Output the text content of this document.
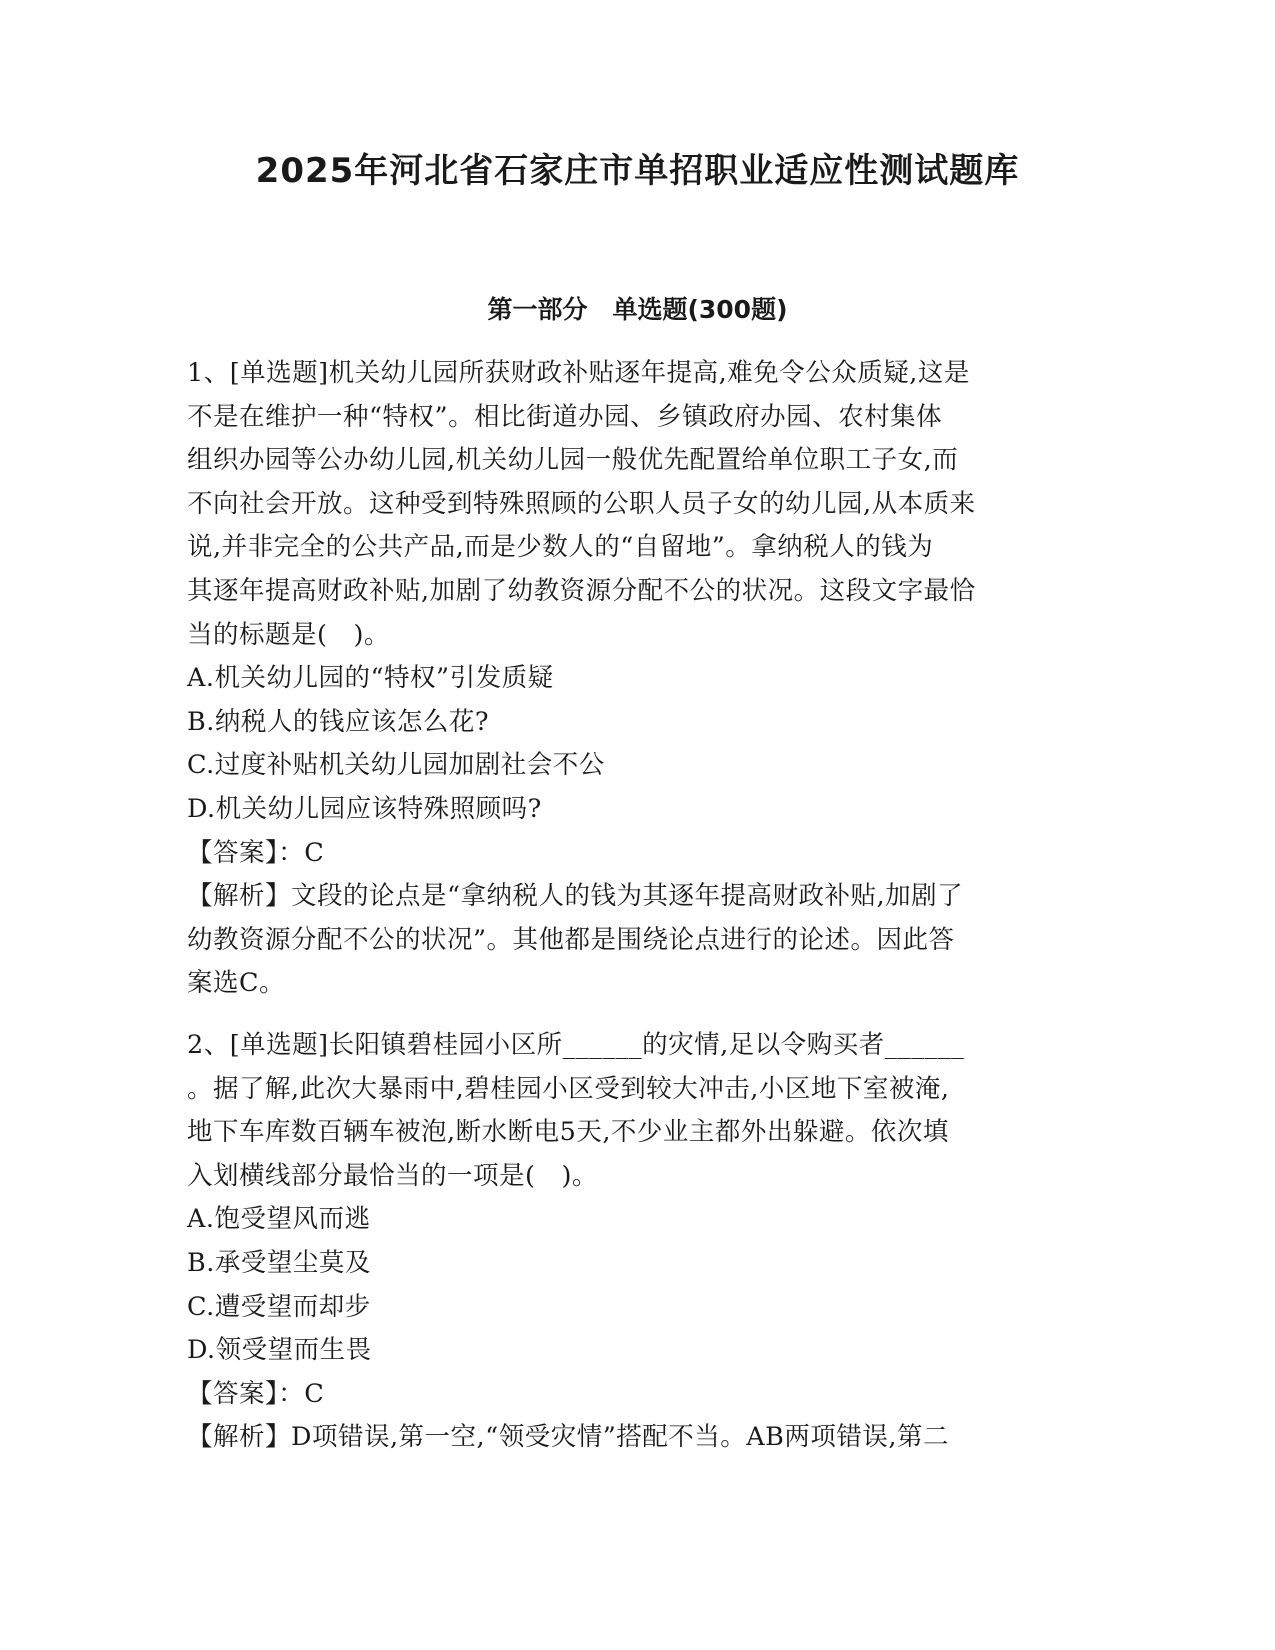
2025年河北省石家庄市单招职业适应性测试题库
第一部分　单选题(300题)
1、[单选题]机关幼儿园所获财政补贴逐年提高,难免令公众质疑,这是
不是在维护一种“特权”。相比街道办园、乡镇政府办园、农村集体
组织办园等公办幼儿园,机关幼儿园一般优先配置给单位职工子女,而
不向社会开放。这种受到特殊照顾的公职人员子女的幼儿园,从本质来
说,并非完全的公共产品,而是少数人的“自留地”。拿纳税人的钱为
其逐年提高财政补贴,加剧了幼教资源分配不公的状况。这段文字最恰
当的标题是(　)。
A.机关幼儿园的“特权”引发质疑
B.纳税人的钱应该怎么花?
C.过度补贴机关幼儿园加剧社会不公
D.机关幼儿园应该特殊照顾吗?
【答案】：C
【解析】文段的论点是“拿纳税人的钱为其逐年提高财政补贴,加剧了
幼教资源分配不公的状况”。其他都是围绕论点进行的论述。因此答
案选C。
2、[单选题]长阳镇碧桂园小区所______的灾情,足以令购买者______
。据了解,此次大暴雨中,碧桂园小区受到较大冲击,小区地下室被淹,
地下车库数百辆车被泡,断水断电5天,不少业主都外出躲避。依次填
入划横线部分最恰当的一项是(　)。
A.饱受望风而逃
B.承受望尘莫及
C.遭受望而却步
D.领受望而生畏
【答案】：C
【解析】D项错误,第一空,“领受灾情”搭配不当。AB两项错误,第二
